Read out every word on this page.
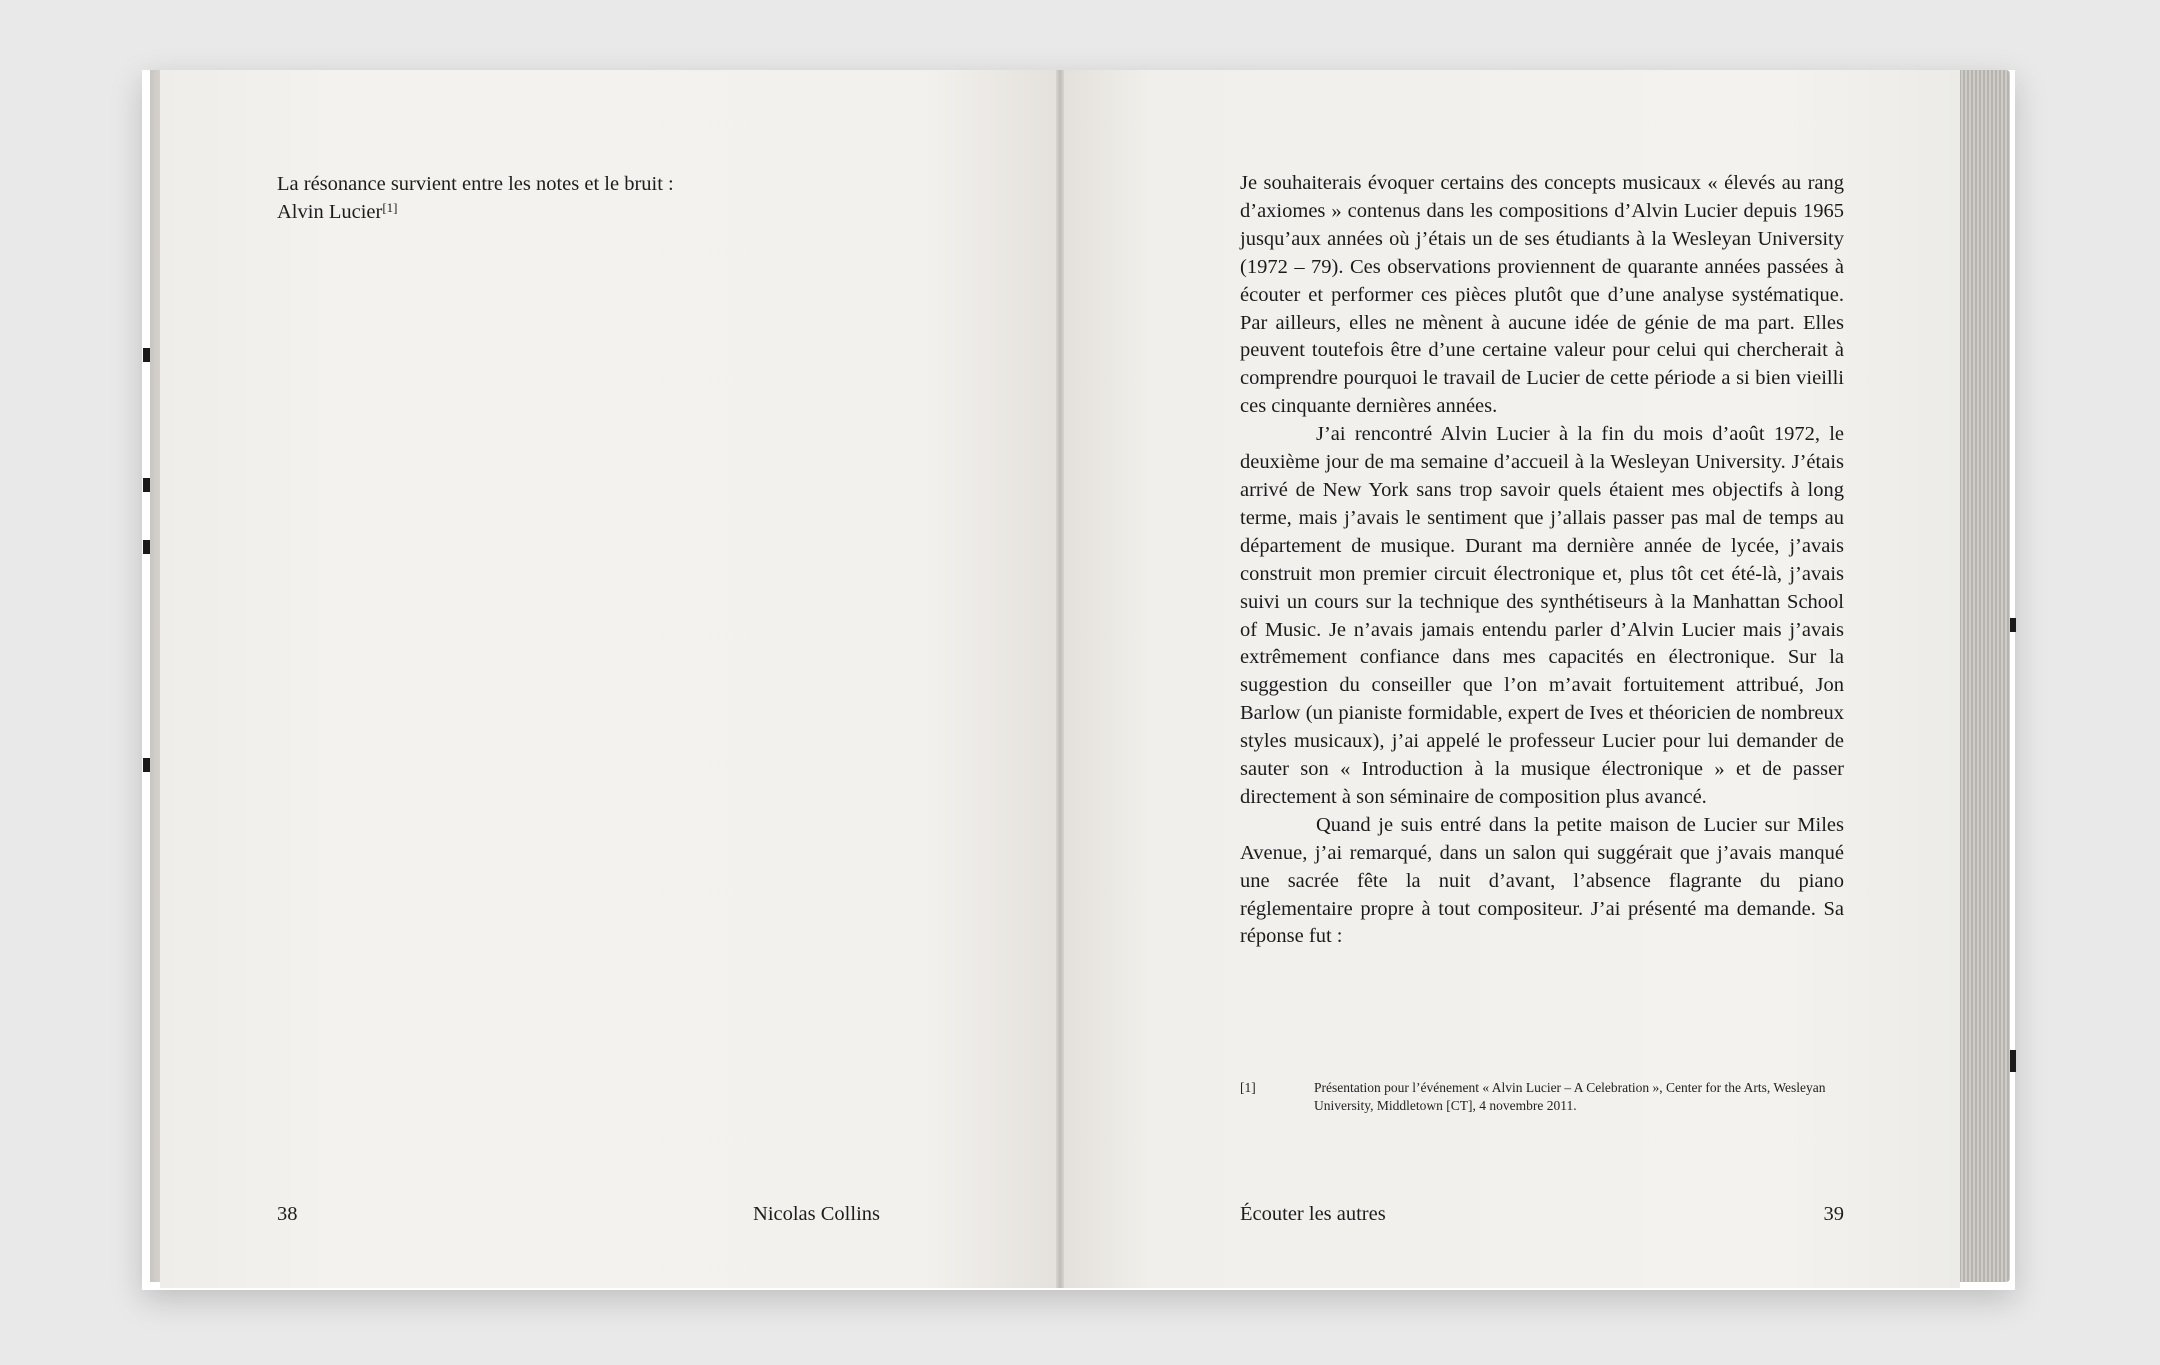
La résonance survient entre les notes et le bruit :
Alvin Lucier[1]
38	Nicolas Collins

Je souhaiterais évoquer certains des concepts musicaux « élevés au rang d’axiomes » contenus dans les compositions d’Alvin Lucier depuis 1965 jusqu’aux années où j’étais un de ses étudiants à la Wesleyan University (1972 – 79). Ces observations proviennent de quarante années passées à écouter et performer ces pièces plutôt que d’une analyse systématique. Par ailleurs, elles ne mènent à aucune idée de génie de ma part. Elles peuvent toutefois être d’une certaine valeur pour celui qui chercherait à comprendre pourquoi le travail de Lucier de cette période a si bien vieilli ces cinquante dernières années.

J’ai rencontré Alvin Lucier à la fin du mois d’août 1972, le deuxième jour de ma semaine d’accueil à la Wesleyan University. J’étais arrivé de New York sans trop savoir quels étaient mes objectifs à long terme, mais j’avais le sentiment que j’allais passer pas mal de temps au département de musique. Durant ma dernière année de lycée, j’avais construit mon premier circuit électronique et, plus tôt cet été-là, j’avais suivi un cours sur la technique des synthétiseurs à la Manhattan School of Music. Je n’avais jamais entendu parler d’Alvin Lucier mais j’avais extrêmement confiance dans mes capacités en électronique. Sur la suggestion du conseiller que l’on m’avait fortuitement attribué, Jon Barlow (un pianiste formidable, expert de Ives et théoricien de nombreux styles musicaux), j’ai appelé le professeur Lucier pour lui demander de sauter son « Introduction à la musique électronique » et de passer directement à son séminaire de composition plus avancé.

Quand je suis entré dans la petite maison de Lucier sur Miles Avenue, j’ai remarqué, dans un salon qui suggérait que j’avais manqué une sacrée fête la nuit d’avant, l’absence flagrante du piano réglementaire propre à tout compositeur. J’ai présenté ma demande. Sa réponse fut :

[1]	Présentation pour l’événement « Alvin Lucier – A Celebration », Center for the Arts, Wesleyan University, Middletown [CT], 4 novembre 2011.
Écouter les autres	39
